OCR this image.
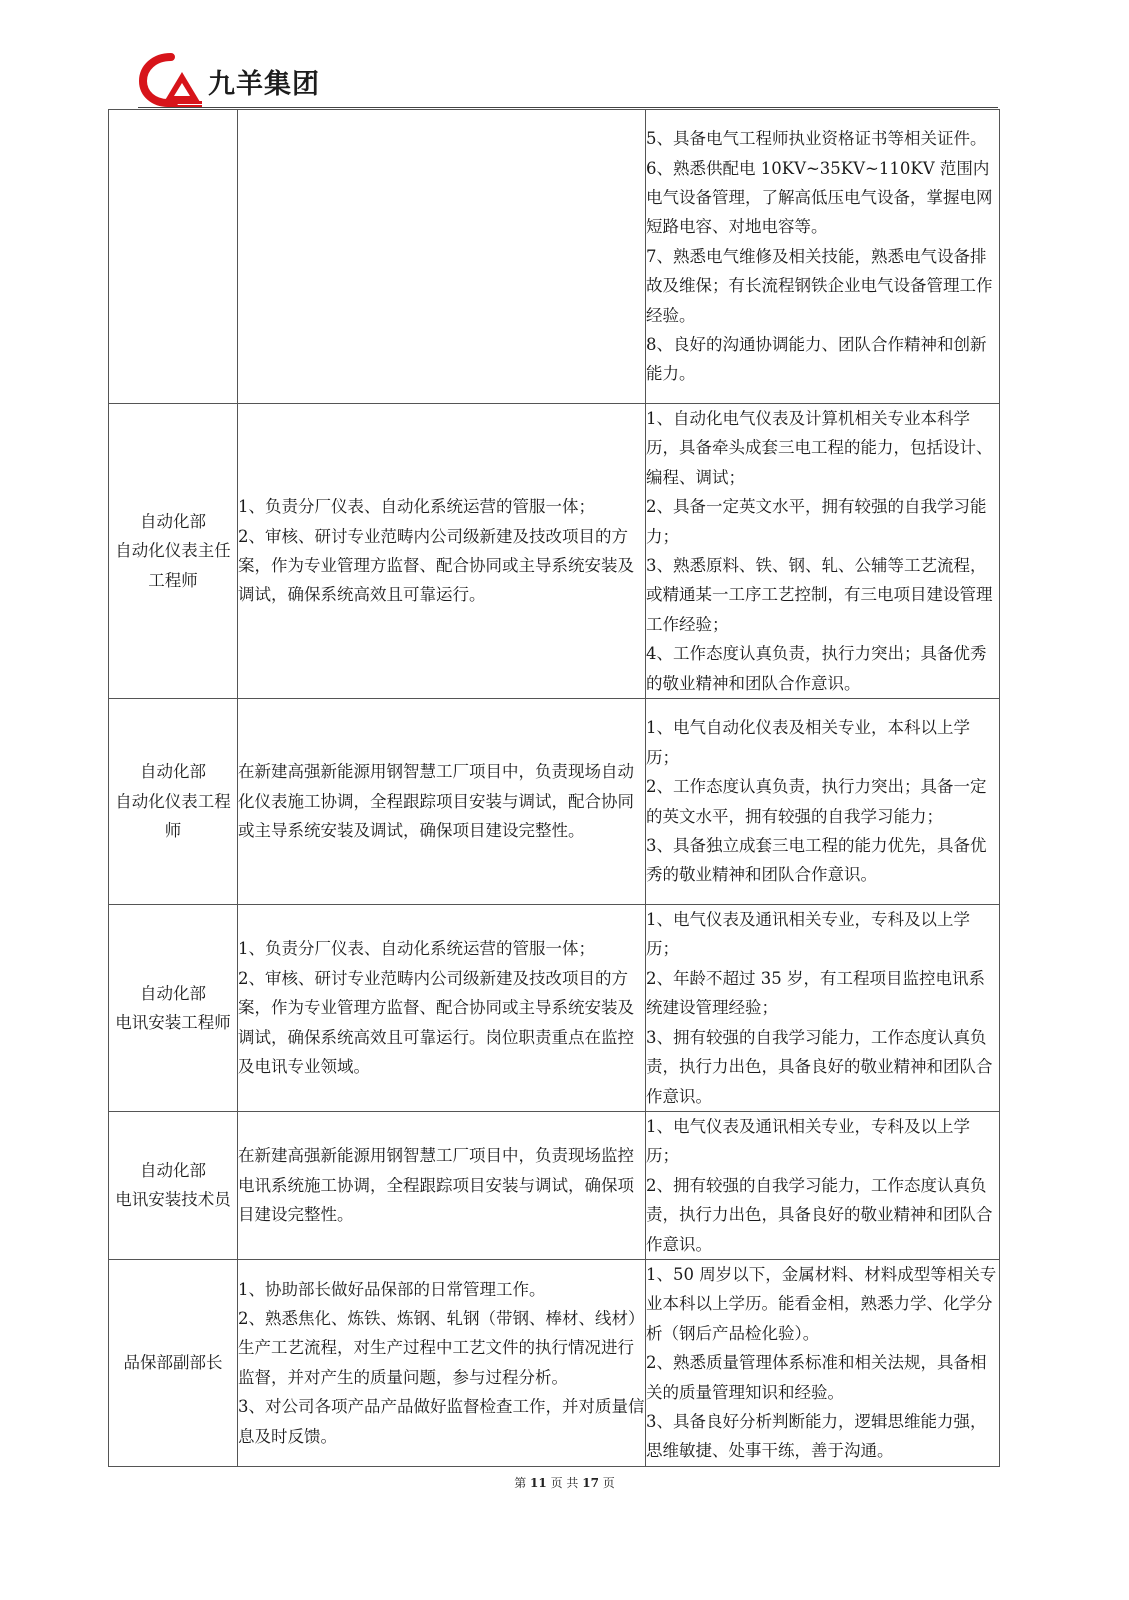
九羊集团

		5、具备电气工程师执业资格证书等相关证件。
6、熟悉供配电 10KV~35KV~110KV 范围内电气设备管理，了解高低压电气设备，掌握电网短路电容、对地电容等。
7、熟悉电气维修及相关技能，熟悉电气设备排故及维保；有长流程钢铁企业电气设备管理工作经验。
8、良好的沟通协调能力、团队合作精神和创新能力。

自动化部
自动化仪表主任工程师	1、负责分厂仪表、自动化系统运营的管服一体；
2、审核、研讨专业范畴内公司级新建及技改项目的方案，作为专业管理方监督、配合协同或主导系统安装及调试，确保系统高效且可靠运行。	1、自动化电气仪表及计算机相关专业本科学历，具备牵头成套三电工程的能力，包括设计、编程、调试；
2、具备一定英文水平，拥有较强的自我学习能力；
3、熟悉原料、铁、钢、轧、公辅等工艺流程，或精通某一工序工艺控制，有三电项目建设管理工作经验；
4、工作态度认真负责，执行力突出；具备优秀的敬业精神和团队合作意识。

自动化部
自动化仪表工程师	在新建高强新能源用钢智慧工厂项目中，负责现场自动化仪表施工协调，全程跟踪项目安装与调试，配合协同或主导系统安装及调试，确保项目建设完整性。	1、电气自动化仪表及相关专业，本科以上学历；
2、工作态度认真负责，执行力突出；具备一定的英文水平，拥有较强的自我学习能力；
3、具备独立成套三电工程的能力优先，具备优秀的敬业精神和团队合作意识。

自动化部
电讯安装工程师	1、负责分厂仪表、自动化系统运营的管服一体；
2、审核、研讨专业范畴内公司级新建及技改项目的方案，作为专业管理方监督、配合协同或主导系统安装及调试，确保系统高效且可靠运行。岗位职责重点在监控及电讯专业领域。	1、电气仪表及通讯相关专业，专科及以上学历；
2、年龄不超过 35 岁，有工程项目监控电讯系统建设管理经验；
3、拥有较强的自我学习能力，工作态度认真负责，执行力出色，具备良好的敬业精神和团队合作意识。

自动化部
电讯安装技术员	在新建高强新能源用钢智慧工厂项目中，负责现场监控电讯系统施工协调，全程跟踪项目安装与调试，确保项目建设完整性。	1、电气仪表及通讯相关专业，专科及以上学历；
2、拥有较强的自我学习能力，工作态度认真负责，执行力出色，具备良好的敬业精神和团队合作意识。

品保部副部长	1、协助部长做好品保部的日常管理工作。
2、熟悉焦化、炼铁、炼钢、轧钢（带钢、棒材、线材）生产工艺流程，对生产过程中工艺文件的执行情况进行监督，并对产生的质量问题，参与过程分析。
3、对公司各项产品产品做好监督检查工作，并对质量信息及时反馈。	1、50 周岁以下，金属材料、材料成型等相关专业本科以上学历。能看金相，熟悉力学、化学分析（钢后产品检化验）。
2、熟悉质量管理体系标准和相关法规，具备相关的质量管理知识和经验。
3、具备良好分析判断能力，逻辑思维能力强，思维敏捷、处事干练，善于沟通。
第 11 页 共 17 页
